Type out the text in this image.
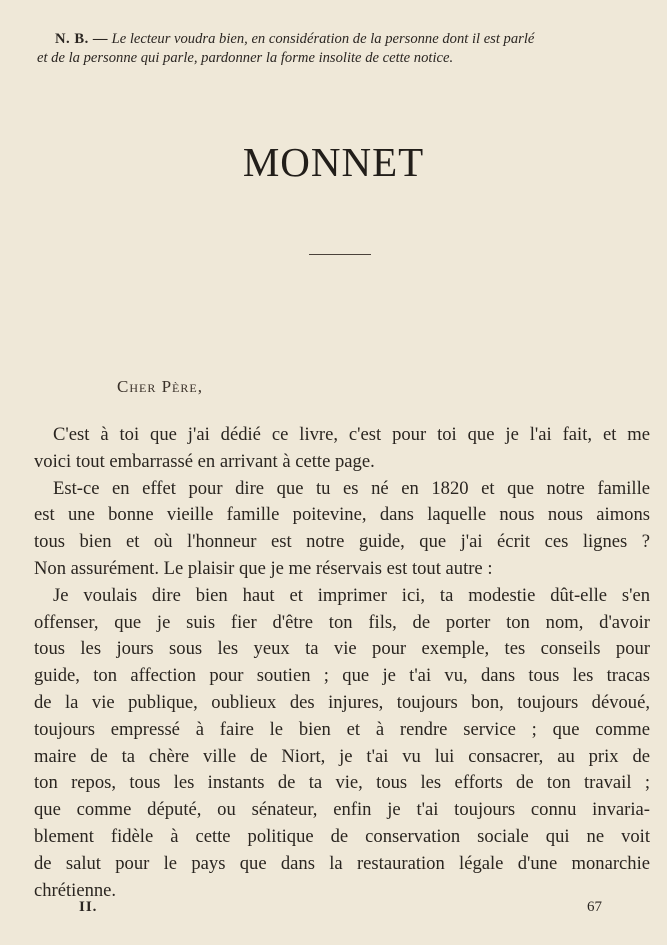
N. B. — Le lecteur voudra bien, en considération de la personne dont il est parlé
et de la personne qui parle, pardonner la forme insolite de cette notice.
MONNET
Cher Père,
C'est à toi que j'ai dédié ce livre, c'est pour toi que je l'ai fait, et me
voici tout embarrassé en arrivant à cette page.
Est-ce en effet pour dire que tu es né en 1820 et que notre famille
est une bonne vieille famille poitevine, dans laquelle nous nous aimons
tous bien et où l'honneur est notre guide, que j'ai écrit ces lignes ?
Non assurément. Le plaisir que je me réservais est tout autre :
Je voulais dire bien haut et imprimer ici, ta modestie dût-elle s'en
offenser, que je suis fier d'être ton fils, de porter ton nom, d'avoir
tous les jours sous les yeux ta vie pour exemple, tes conseils pour
guide, ton affection pour soutien ; que je t'ai vu, dans tous les tracas
de la vie publique, oublieux des injures, toujours bon, toujours dévoué,
toujours empressé à faire le bien et à rendre service ; que comme
maire de ta chère ville de Niort, je t'ai vu lui consacrer, au prix de
ton repos, tous les instants de ta vie, tous les efforts de ton travail ;
que comme député, ou sénateur, enfin je t'ai toujours connu invaria-
blement fidèle à cette politique de conservation sociale qui ne voit
de salut pour le pays que dans la restauration légale d'une monarchie
chrétienne.
II.	67
